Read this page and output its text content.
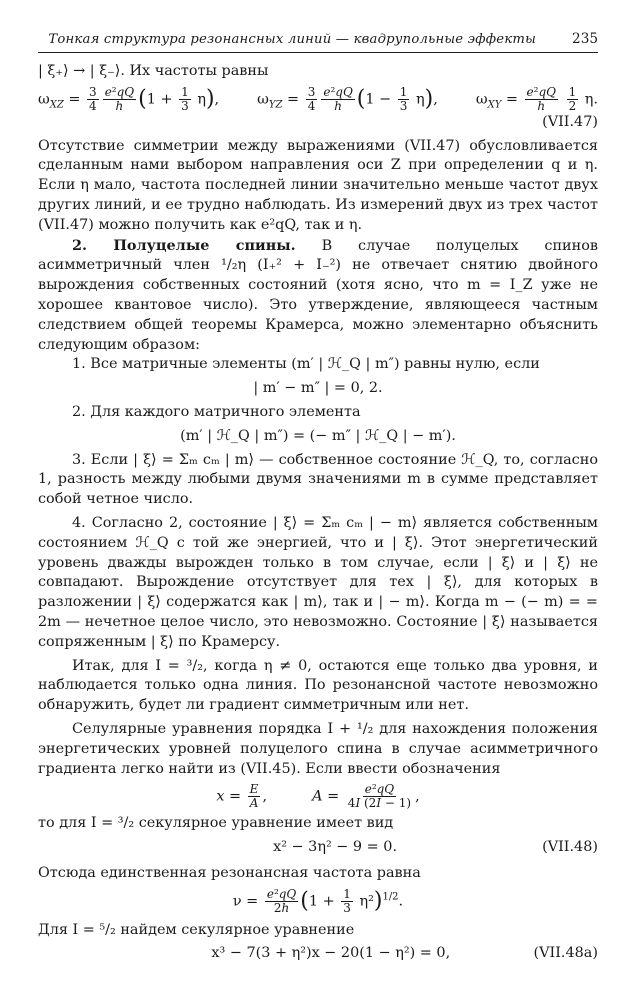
Тонкая структура резонансных линий — квадрупольные эффекты	235

| ξ₊⟩ → | ξ₋⟩. Их частоты равны

$\omega_{XZ} = \frac{3}{4} \frac{\text{e²qQ}}{h} (1 + \frac{1}{3} \eta)$,	$\omega_{YZ} = \frac{3}{4} \frac{\text{e²qQ}}{h} (1 - \frac{1}{3} \eta)$,	$\omega_{XY} = \frac{\text{e²qQ}}{h}$
$\frac{1}{2} \eta$.
(VII.47)

Отсутствие симметрии между выражениями (VII.47) обусловливается сделанным нами выбором направления оси Z при определении q и η. Если η мало, частота последней линии значительно меньше частот двух других линий, и ее трудно наблюдать. Из измерений двух из трех частот (VII.47) можно получить как e²qQ, так и η.

2. Полуцелые спины. В случае полуцелых спинов асимметричный член ¹/₂η (I₊² + I₋²) не отвечает снятию двойного вырождения собственных состояний (хотя ясно, что m = I_Z уже не хорошее квантовое число). Это утверждение, являющееся частным следствием общей теоремы Крамерса, можно элементарно объяснить следующим образом:

1. Все матричные элементы (m′ | ℋ_Q | m″) равны нулю, если

| m′ − m″ | = 0, 2.

2. Для каждого матричного элемента

(m′ | ℋ_Q | m″) = (− m″ | ℋ_Q | − m′).

3. Если | ξ⟩ = Σₘ cₘ | m⟩ — собственное состояние ℋ_Q, то, согласно 1, разность между любыми двумя значениями m в сумме представляет собой четное число.

4. Согласно 2, состояние | ξ̄⟩ = Σₘ cₘ | − m⟩ является собственным состоянием ℋ_Q с той же энергией, что и | ξ⟩. Этот энергетический уровень дважды вырожден только в том случае, если | ξ⟩ и | ξ̄⟩ не совпадают. Вырождение отсутствует для тех | ξ⟩, для которых в разложении | ξ⟩ содержатся как | m⟩, так и | − m⟩. Когда m − (− m) = = 2m — нечетное целое число, это невозможно. Состояние | ξ̄⟩ называется сопряженным | ξ⟩ по Крамерсу.

Итак, для I = ³/₂, когда η ≠ 0, остаются еще только два уровня, и наблюдается только одна линия. По резонансной частоте невозможно обнаружить, будет ли градиент симметричным или нет.

Селулярные уравнения порядка I + ¹/₂ для нахождения положения энергетических уровней полуцелого спина в случае асимметричного градиента легко найти из (VII.45). Если ввести обозначения

$x = \frac{E}{A}$ ,	$A = \frac{\text{e²qQ}}{4I (2I - 1)}$ ,

то для I = ³/₂ секулярное уравнение имеет вид

x² − 3η² − 9 = 0.	(VII.48)

Отсюда единственная резонансная частота равна

$\nu = \frac{\text{e²qQ}}{2h} (1 + \frac{1}{3} \eta^2)^{1/2}$.

Для I = ⁵/₂ найдем секулярное уравнение

x³ − 7(3 + η²)x − 20(1 − η²) = 0,	(VII.48a)
